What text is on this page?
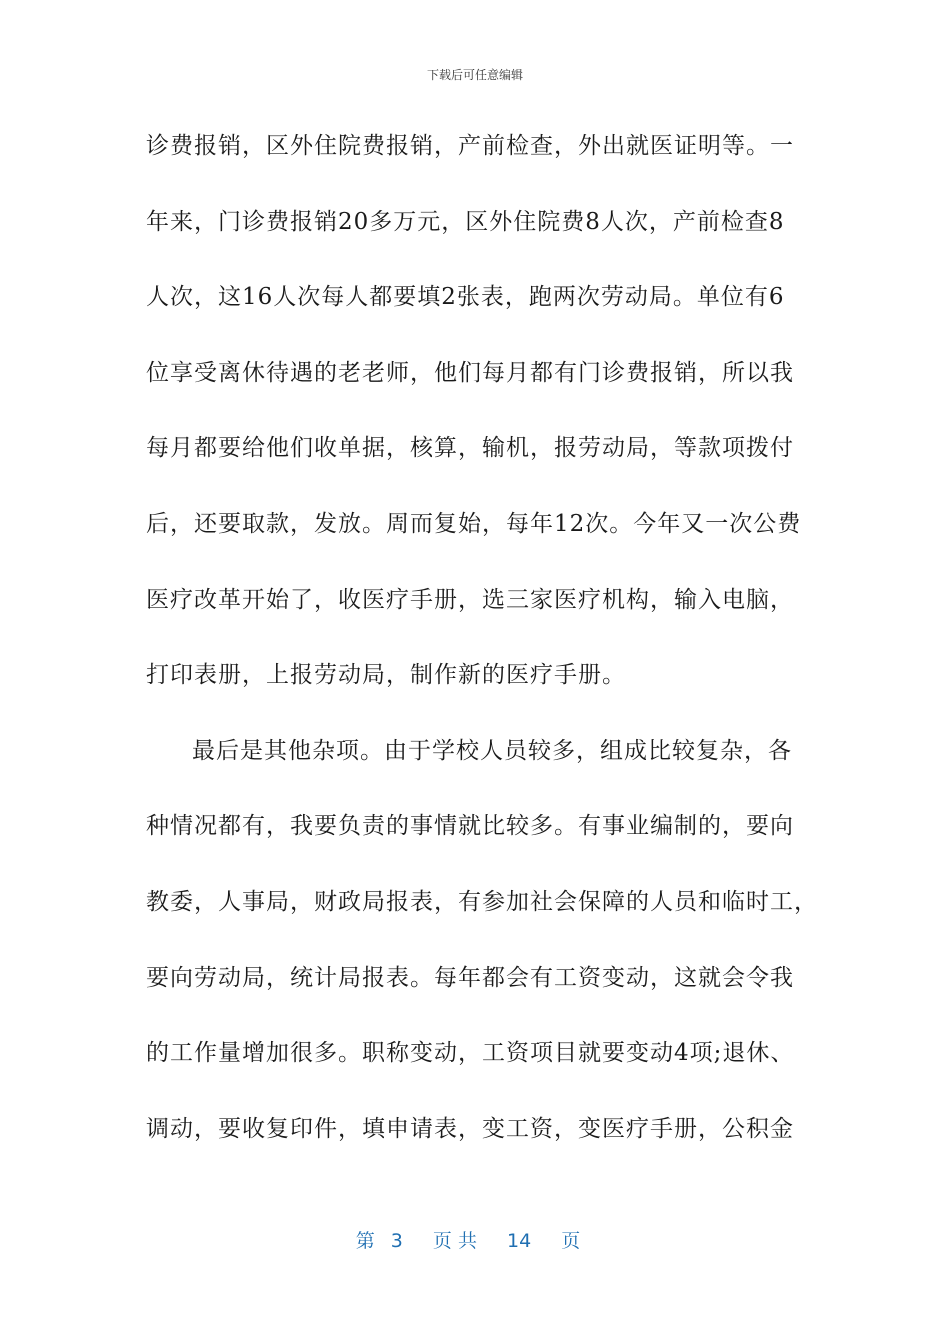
下载后可任意编辑
诊费报销，区外住院费报销，产前检查，外出就医证明等。一
年来，门诊费报销20多万元，区外住院费8人次，产前检查8
人次，这16人次每人都要填2张表，跑两次劳动局。单位有6
位享受离休待遇的老老师，他们每月都有门诊费报销，所以我
每月都要给他们收单据，核算，输机，报劳动局，等款项拨付
后，还要取款，发放。周而复始，每年12次。今年又一次公费
医疗改革开始了，收医疗手册，选三家医疗机构，输入电脑，
打印表册，上报劳动局，制作新的医疗手册。
最后是其他杂项。由于学校人员较多，组成比较复杂，各
种情况都有，我要负责的事情就比较多。有事业编制的，要向
教委，人事局，财政局报表，有参加社会保障的人员和临时工，
要向劳动局，统计局报表。每年都会有工资变动，这就会令我
的工作量增加很多。职称变动，工资项目就要变动4项;退休、
调动，要收复印件，填申请表，变工资，变医疗手册，公积金
第 3 页 共 14 页
